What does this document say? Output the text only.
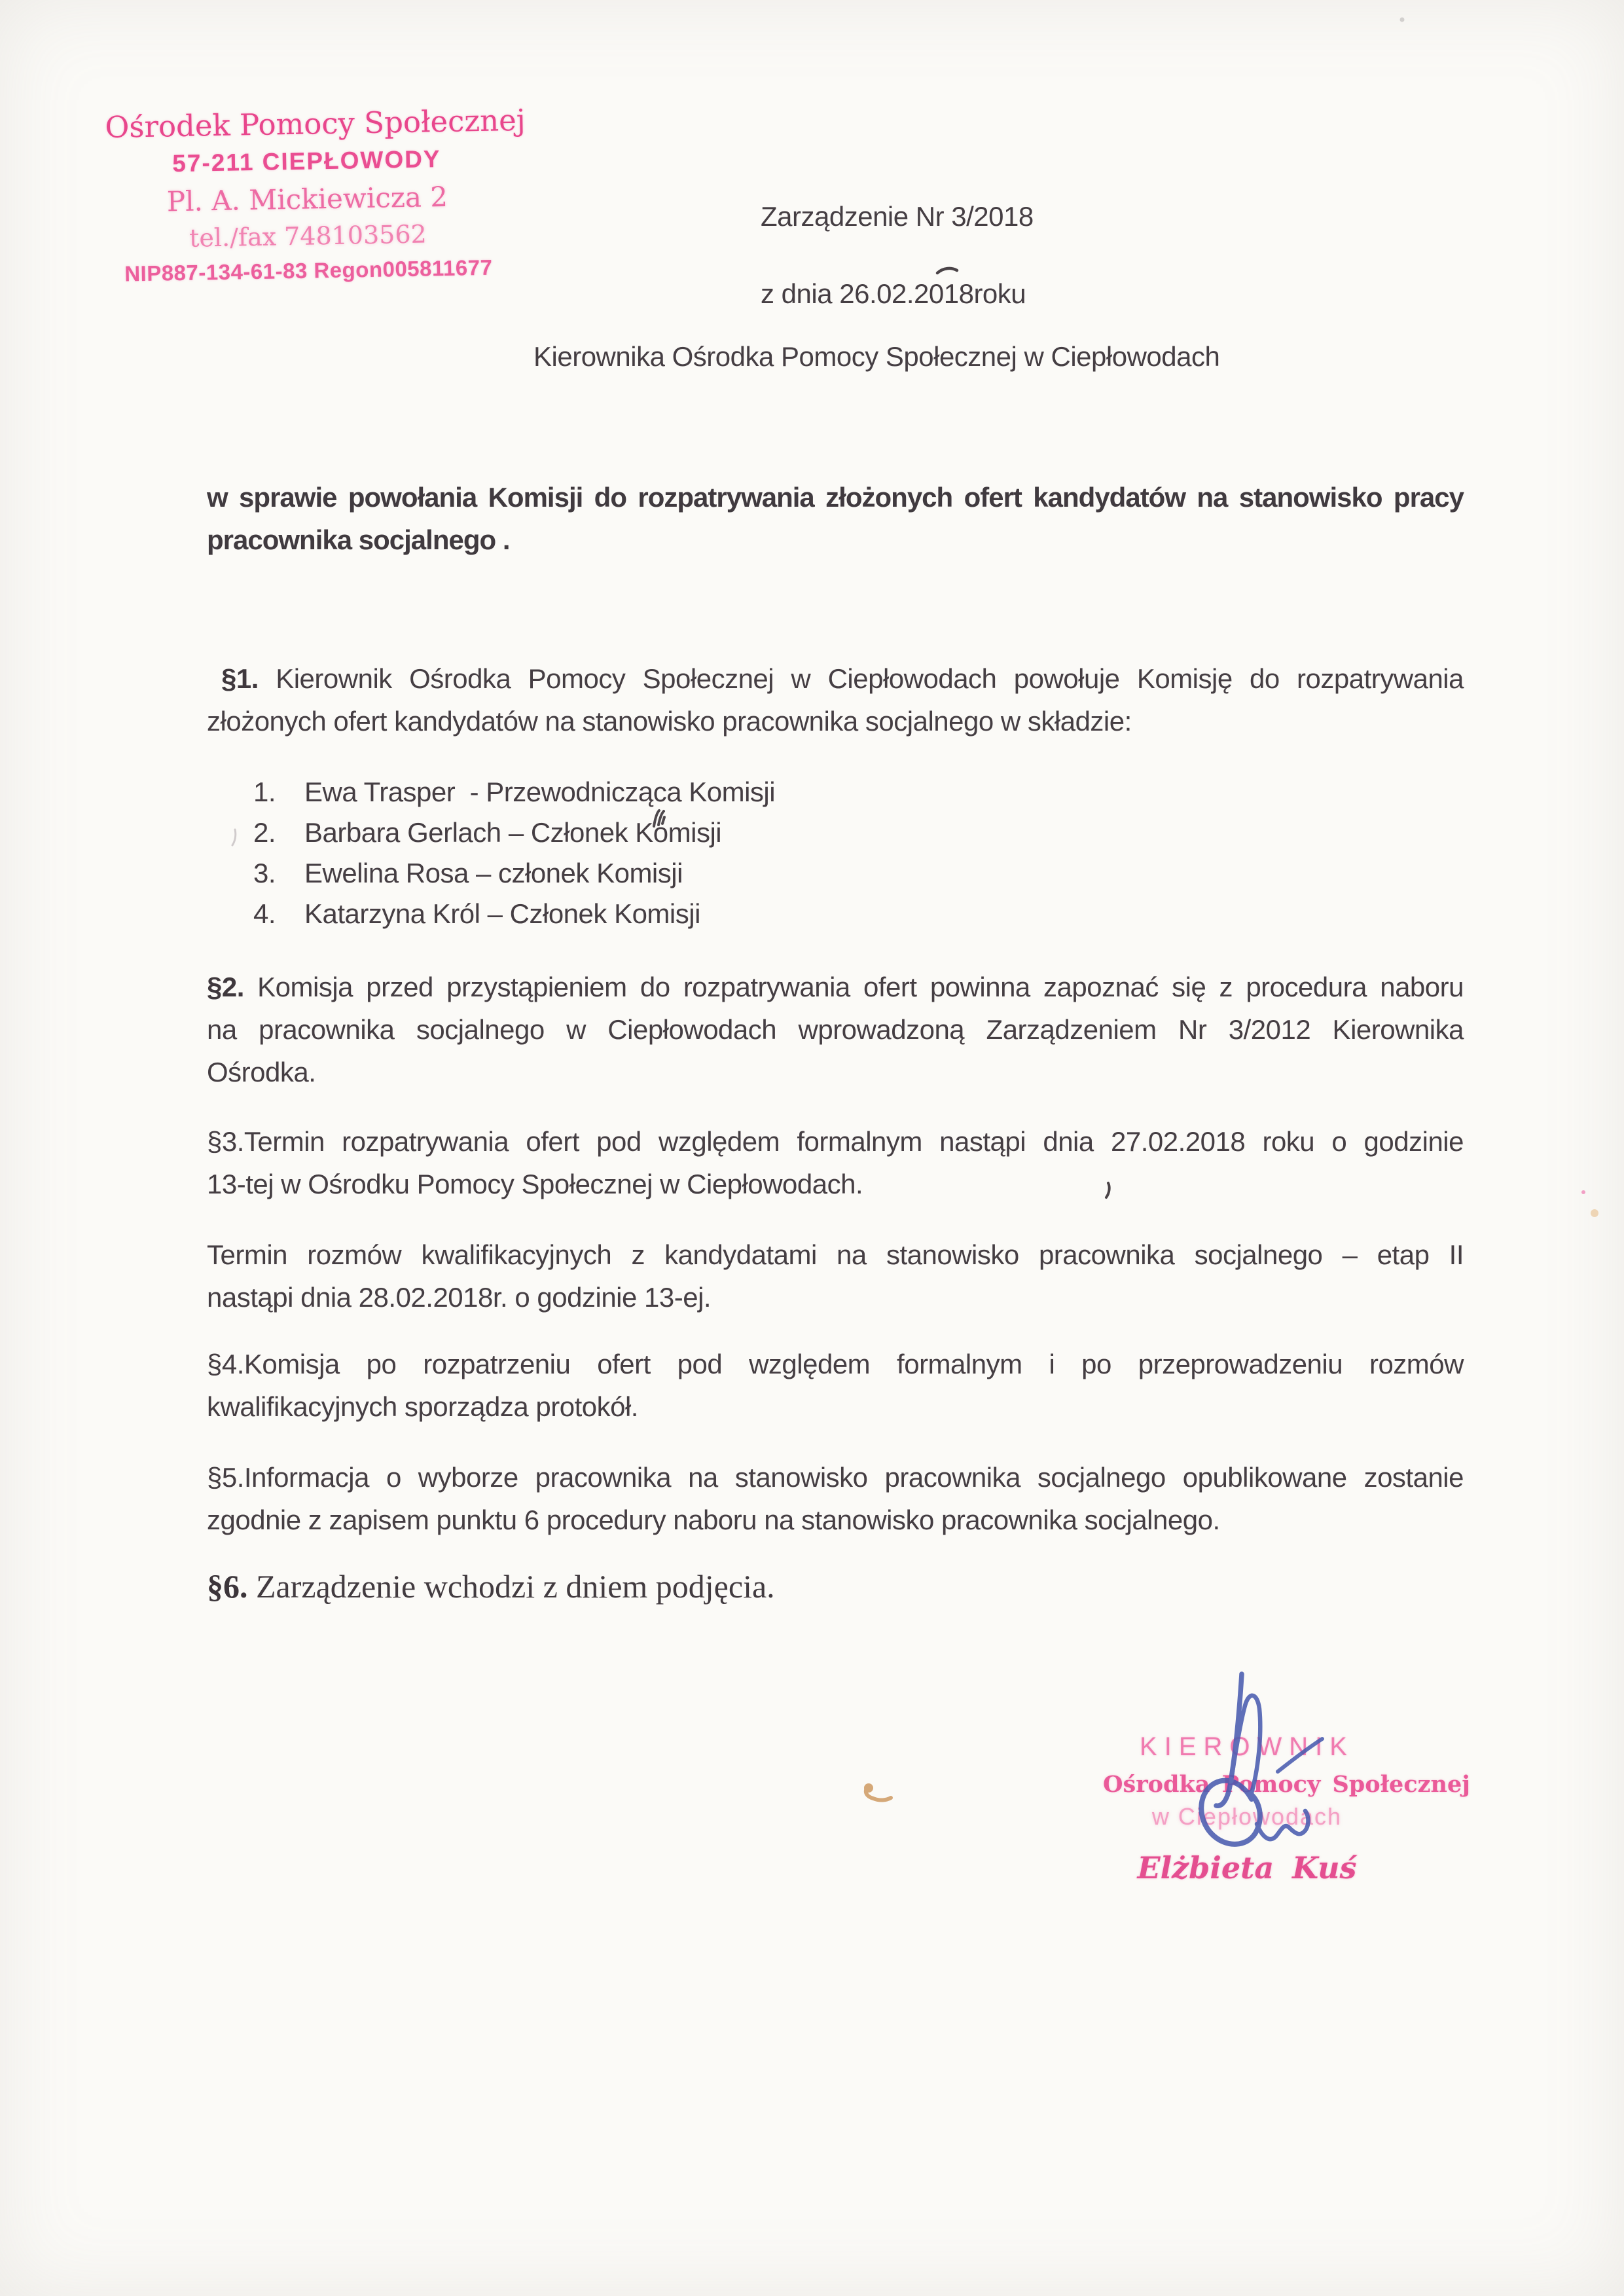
Ośrodek Pomocy Społecznej
57-211 CIEPŁOWODY
Pl. A. Mickiewicza 2
tel./fax 748103562
NIP887-134-61-83 Regon005811677
Zarządzenie Nr 3/2018
z dnia 26.02.2018roku
Kierownika Ośrodka Pomocy Społecznej w Ciepłowodach
w sprawie powołania Komisji do rozpatrywania złożonych ofert kandydatów na stanowisko pracy
pracownika socjalnego .
§1. Kierownik Ośrodka Pomocy Społecznej w Ciepłowodach powołuje Komisję do rozpatrywania
złożonych ofert kandydatów na stanowisko pracownika socjalnego w składzie:
1. Ewa Trasper  - Przewodnicząca Komisji
2. Barbara Gerlach – Członek Komisji
3. Ewelina Rosa – członek Komisji
4. Katarzyna Król – Członek Komisji
§2. Komisja przed przystąpieniem do rozpatrywania ofert powinna zapoznać się z procedura naboru
na pracownika socjalnego w Ciepłowodach wprowadzoną Zarządzeniem Nr 3/2012 Kierownika
Ośrodka.
§3.Termin rozpatrywania ofert pod względem formalnym nastąpi dnia 27.02.2018 roku o godzinie
13-tej w Ośrodku Pomocy Społecznej w Ciepłowodach.
Termin rozmów kwalifikacyjnych z kandydatami na stanowisko pracownika socjalnego – etap II
nastąpi dnia 28.02.2018r. o godzinie 13-ej.
§4.Komisja po rozpatrzeniu ofert pod względem formalnym i po przeprowadzeniu rozmów
kwalifikacyjnych sporządza protokół.
§5.Informacja o wyborze pracownika na stanowisko pracownika socjalnego opublikowane zostanie
zgodnie z zapisem punktu 6 procedury naboru na stanowisko pracownika socjalnego.
§6. Zarządzenie wchodzi z dniem podjęcia.
KIEROWNIK
Ośrodka Pomocy Społecznej
w Ciepłowodach
Elżbieta Kuś
